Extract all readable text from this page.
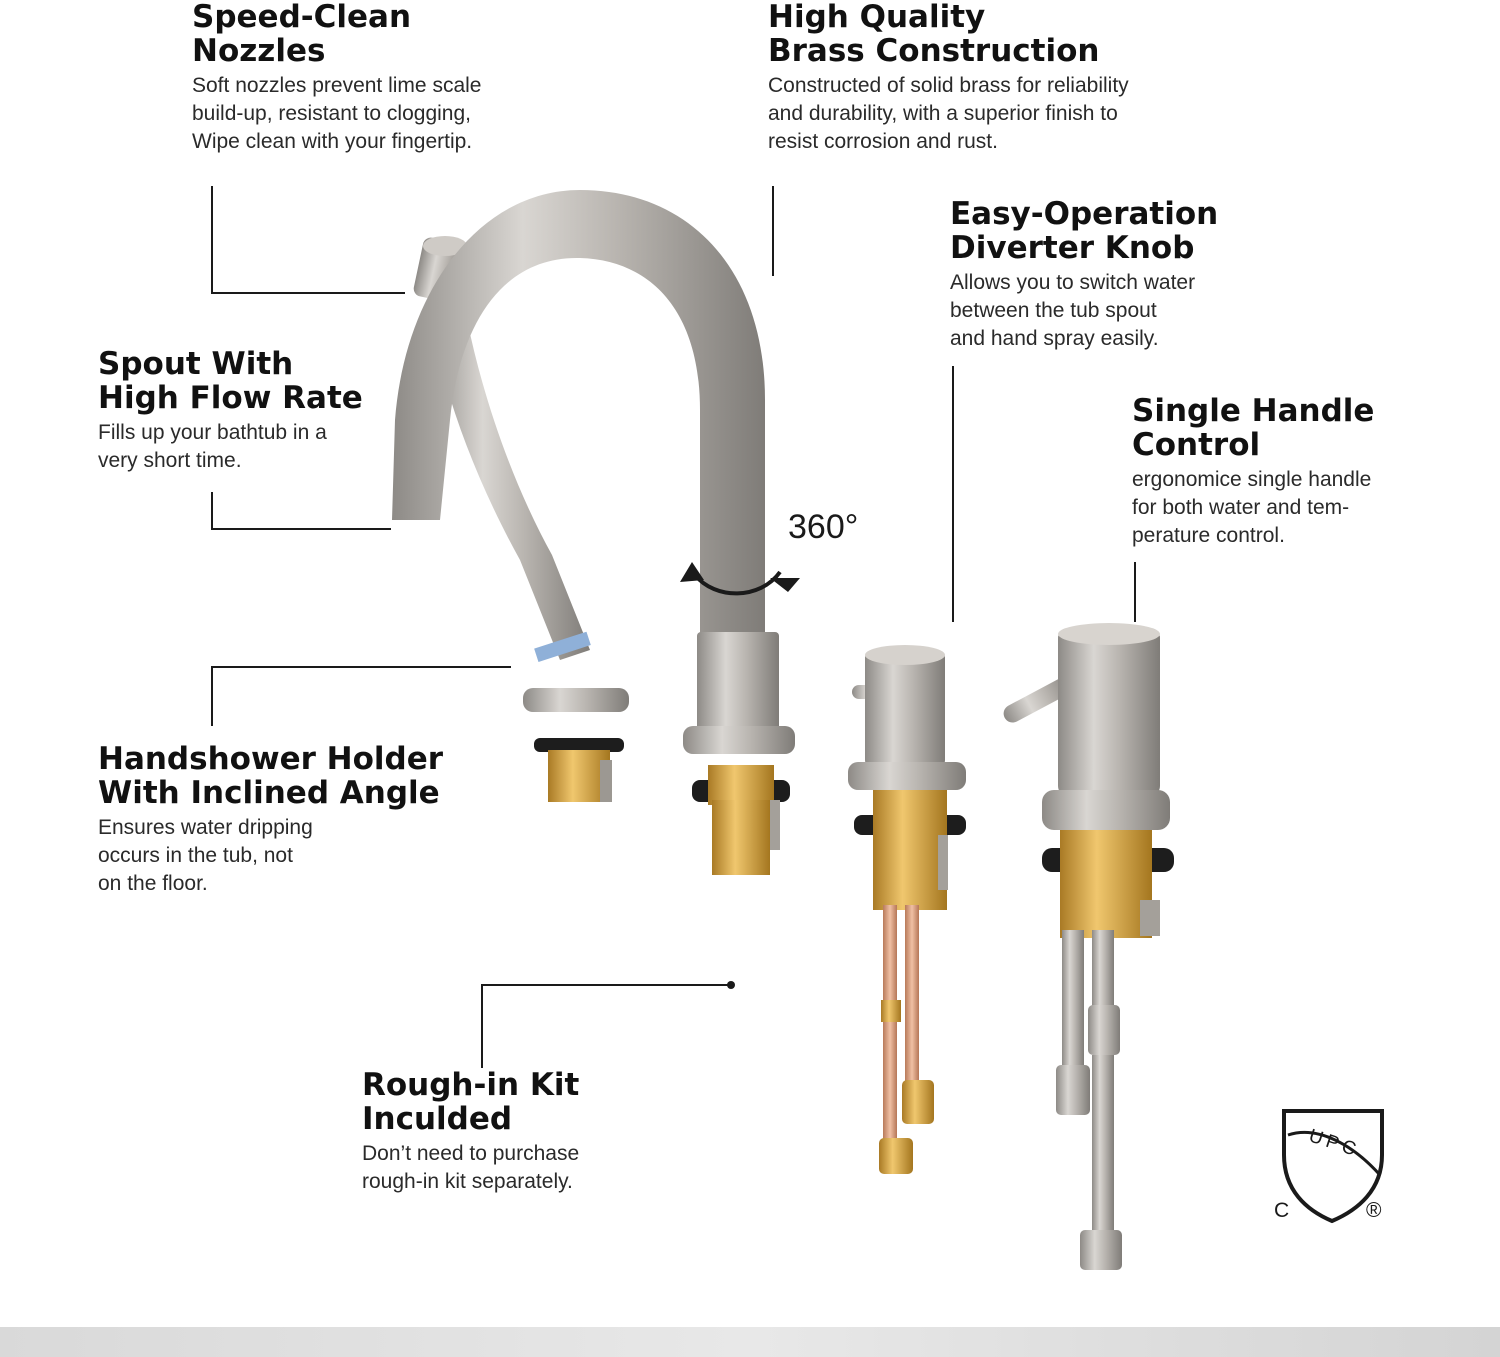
Speed-Clean
Nozzles
Soft nozzles prevent lime scale
build-up, resistant to clogging,
Wipe clean with your fingertip.
High Quality
Brass Construction
Constructed of solid brass for reliability
and durability, with a superior finish to
resist corrosion and rust.
Easy-Operation
Diverter Knob
Allows you to switch water
between the tub spout
and hand spray easily.
Spout With
High Flow Rate
Fills up your bathtub in a
very short time.
Single Handle
Control
ergonomice single handle
for both water and tem-
perature control.
Handshower Holder
With Inclined Angle
Ensures water dripping
occurs in the tub, not
on the floor.
Rough-in Kit
Inculded
Don’t need to purchase
rough-in kit separately.
360°
UPC
C	®
